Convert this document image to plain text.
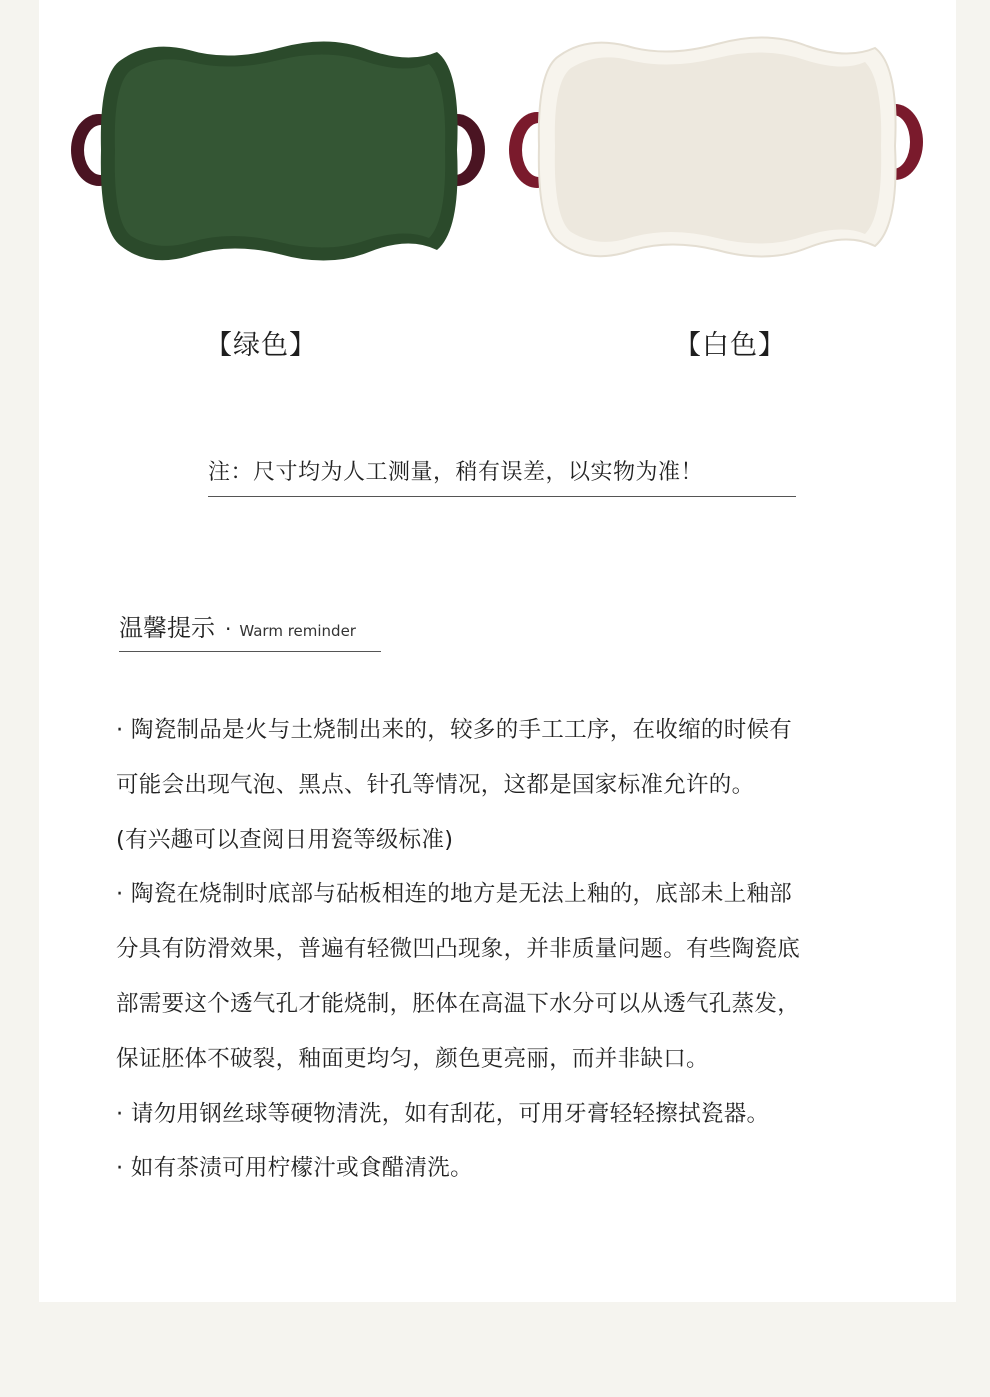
【绿色】	【白色】
注：尺寸均为人工测量，稍有误差，以实物为准！
温馨提示 · Warm reminder

· 陶瓷制品是火与土烧制出来的，较多的手工工序，在收缩的时候有

可能会出现气泡、黑点、针孔等情况，这都是国家标准允许的。

(有兴趣可以查阅日用瓷等级标准)

· 陶瓷在烧制时底部与砧板相连的地方是无法上釉的，底部未上釉部

分具有防滑效果，普遍有轻微凹凸现象，并非质量问题。有些陶瓷底

部需要这个透气孔才能烧制，胚体在高温下水分可以从透气孔蒸发，

保证胚体不破裂，釉面更均匀，颜色更亮丽，而并非缺口。

· 请勿用钢丝球等硬物清洗，如有刮花，可用牙膏轻轻擦拭瓷器。

· 如有茶渍可用柠檬汁或食醋清洗。
